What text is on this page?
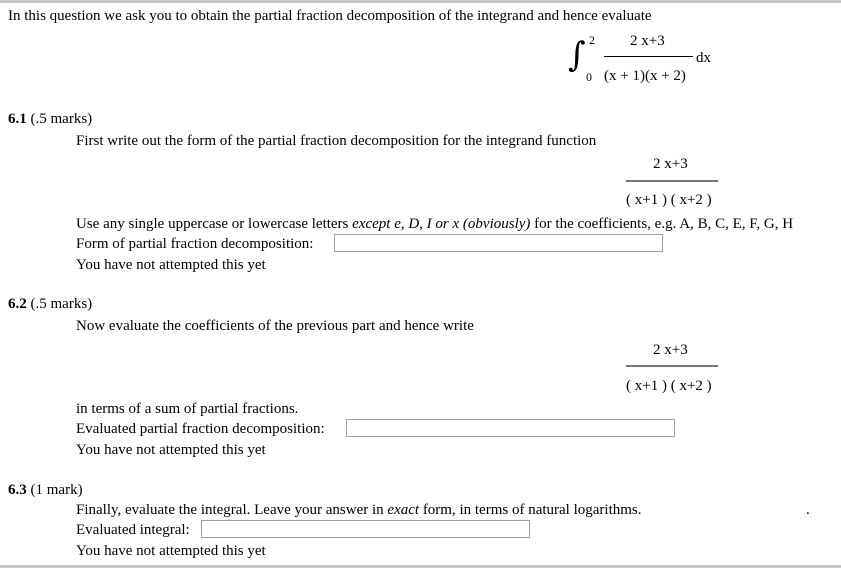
In this question we ask you to obtain the partial fraction decomposition of the integrand and hence evaluate
∫ 2
0
2 x+3
(x + 1)(x + 2)
dx
6.1 (.5 marks)
First write out the form of the partial fraction decomposition for the integrand function
2 x+3
( x+1 ) ( x+2 )
Use any single uppercase or lowercase letters except e, D, I or x (obviously) for the coefficients, e.g. A, B, C, E, F, G, H
Form of partial fraction decomposition:
You have not attempted this yet
6.2 (.5 marks)
Now evaluate the coefficients of the previous part and hence write
2 x+3
( x+1 ) ( x+2 )
in terms of a sum of partial fractions.
Evaluated partial fraction decomposition:
You have not attempted this yet
6.3 (1 mark)
Finally, evaluate the integral. Leave your answer in exact form, in terms of natural logarithms.	.
Evaluated integral:
You have not attempted this yet
